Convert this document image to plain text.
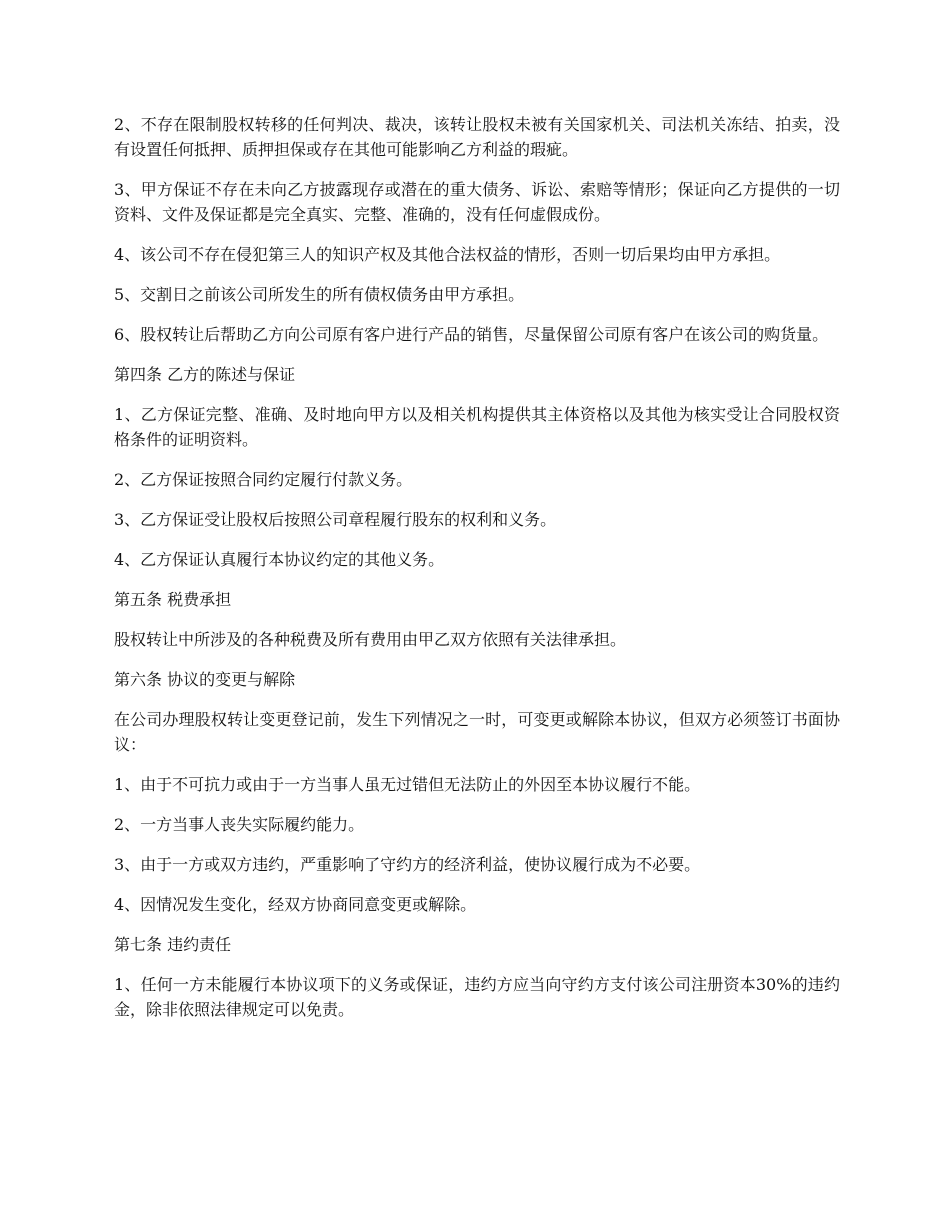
2、不存在限制股权转移的任何判决、裁决，该转让股权未被有关国家机关、司法机关冻结、拍卖，没有设置任何抵押、质押担保或存在其他可能影响乙方利益的瑕疵。

3、甲方保证不存在未向乙方披露现存或潜在的重大债务、诉讼、索赔等情形；保证向乙方提供的一切资料、文件及保证都是完全真实、完整、准确的，没有任何虚假成份。

4、该公司不存在侵犯第三人的知识产权及其他合法权益的情形，否则一切后果均由甲方承担。

5、交割日之前该公司所发生的所有债权债务由甲方承担。

6、股权转让后帮助乙方向公司原有客户进行产品的销售，尽量保留公司原有客户在该公司的购货量。

第四条 乙方的陈述与保证

1、乙方保证完整、准确、及时地向甲方以及相关机构提供其主体资格以及其他为核实受让合同股权资格条件的证明资料。

2、乙方保证按照合同约定履行付款义务。

3、乙方保证受让股权后按照公司章程履行股东的权利和义务。

4、乙方保证认真履行本协议约定的其他义务。

第五条 税费承担

股权转让中所涉及的各种税费及所有费用由甲乙双方依照有关法律承担。

第六条 协议的变更与解除

在公司办理股权转让变更登记前，发生下列情况之一时，可变更或解除本协议，但双方必须签订书面协议：

1、由于不可抗力或由于一方当事人虽无过错但无法防止的外因至本协议履行不能。

2、一方当事人丧失实际履约能力。

3、由于一方或双方违约，严重影响了守约方的经济利益，使协议履行成为不必要。

4、因情况发生变化，经双方协商同意变更或解除。

第七条 违约责任

1、任何一方未能履行本协议项下的义务或保证，违约方应当向守约方支付该公司注册资本30%的违约金，除非依照法律规定可以免责。
